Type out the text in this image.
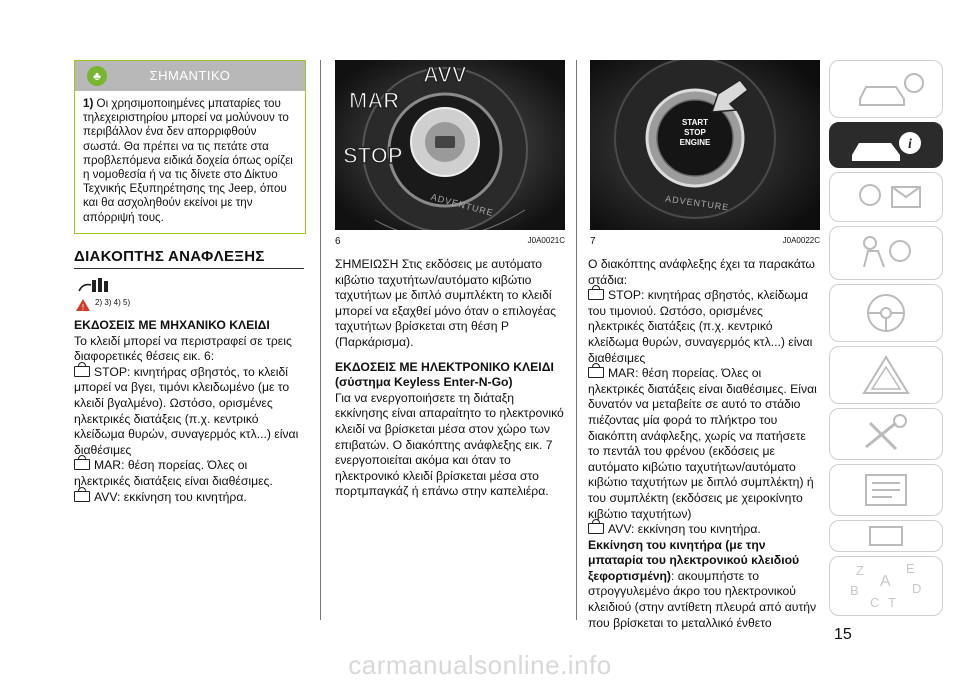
♣	ΣΗΜΑΝΤΙΚΟ
1) Οι χρησιμοποιημένες μπαταρίες του τηλεχειριστηρίου μπορεί να μολύνουν το περιβάλλον ένα δεν απορριφθούν σωστά. Θα πρέπει να τις πετάτε στα προβλεπόμενα ειδικά δοχεία όπως ορίζει η νομοθεσία ή να τις δίνετε στο Δίκτυο Τεχνικής Εξυπηρέτησης της Jeep, όπου και θα ασχοληθούν εκείνοι με την απόρριψή τους.
ΔΙΑΚΟΠΤΗΣ ΑΝΑΦΛΕΞΗΣ
!
2) 3) 4) 5)

ΕΚΔΟΣΕΙΣ ΜΕ ΜΗΧΑΝΙΚΟ ΚΛΕΙΔΙ

Το κλειδί μπορεί να περιστραφεί σε τρεις διαφορετικές θέσεις εικ. 6:

STOP: κινητήρας σβηστός, το κλειδί μπορεί να βγει, τιμόνι κλειδωμένο (με το κλειδί βγαλμένο). Ωστόσο, ορισμένες ηλεκτρικές διατάξεις (π.χ. κεντρικό κλείδωμα θυρών, συναγερμός κτλ...) είναι διαθέσιμες

MAR: θέση πορείας. Όλες οι ηλεκτρικές διατάξεις είναι διαθέσιμες.

AVV: εκκίνηση του κινητήρα.

ADVENTURE
AVV
MAR
STOP
6	J0A0021C

ΣΗΜΕΙΩΣΗ Στις εκδόσεις με αυτόματο κιβώτιο ταχυτήτων/αυτόματο κιβώτιο ταχυτήτων με διπλό συμπλέκτη το κλειδί μπορεί να εξαχθεί μόνο όταν ο επιλογέας ταχυτήτων βρίσκεται στη θέση P (Παρκάρισμα).

ΕΚΔΟΣΕΙΣ ΜΕ ΗΛΕΚΤΡΟΝΙΚΟ ΚΛΕΙΔΙ (σύστημα Keyless Enter-N-Go)

Για να ενεργοποιήσετε τη διάταξη εκκίνησης είναι απαραίτητο το ηλεκτρονικό κλειδί να βρίσκεται μέσα στον χώρο των επιβατών. Ο διακόπτης ανάφλεξης εικ. 7 ενεργοποιείται ακόμα και όταν το ηλεκτρονικό κλειδί βρίσκεται μέσα στο πορτμπαγκάζ ή επάνω στην καπελιέρα.

START
STOP
ENGINE
ADVENTURE
7	J0A0022C

Ο διακόπτης ανάφλεξης έχει τα παρακάτω στάδια:

STOP: κινητήρας σβηστός, κλείδωμα του τιμονιού. Ωστόσο, ορισμένες ηλεκτρικές διατάξεις (π.χ. κεντρικό κλείδωμα θυρών, συναγερμός κτλ...) είναι διαθέσιμες

MAR: θέση πορείας. Όλες οι ηλεκτρικές διατάξεις είναι διαθέσιμες. Είναι δυνατόν να μεταβείτε σε αυτό το στάδιο πιέζοντας μία φορά το πλήκτρο του διακόπτη ανάφλεξης, χωρίς να πατήσετε το πεντάλ του φρένου (εκδόσεις με αυτόματο κιβώτιο ταχυτήτων/αυτόματο κιβώτιο ταχυτήτων με διπλό συμπλέκτη) ή του συμπλέκτη (εκδόσεις με χειροκίνητο κιβώτιο ταχυτήτων)

AVV: εκκίνηση του κινητήρα.

Εκκίνηση του κινητήρα (με την μπαταρία του ηλεκτρονικού κλειδιού ξεφορτισμένη): ακουμπήστε το στρογγυλεμένο άκρο του ηλεκτρονικού κλειδιού (στην αντίθετη πλευρά από αυτήν που βρίσκεται το μεταλλικό ένθετο

i
Z	E
B	D
A
C T
15
carmanualsonline.info
